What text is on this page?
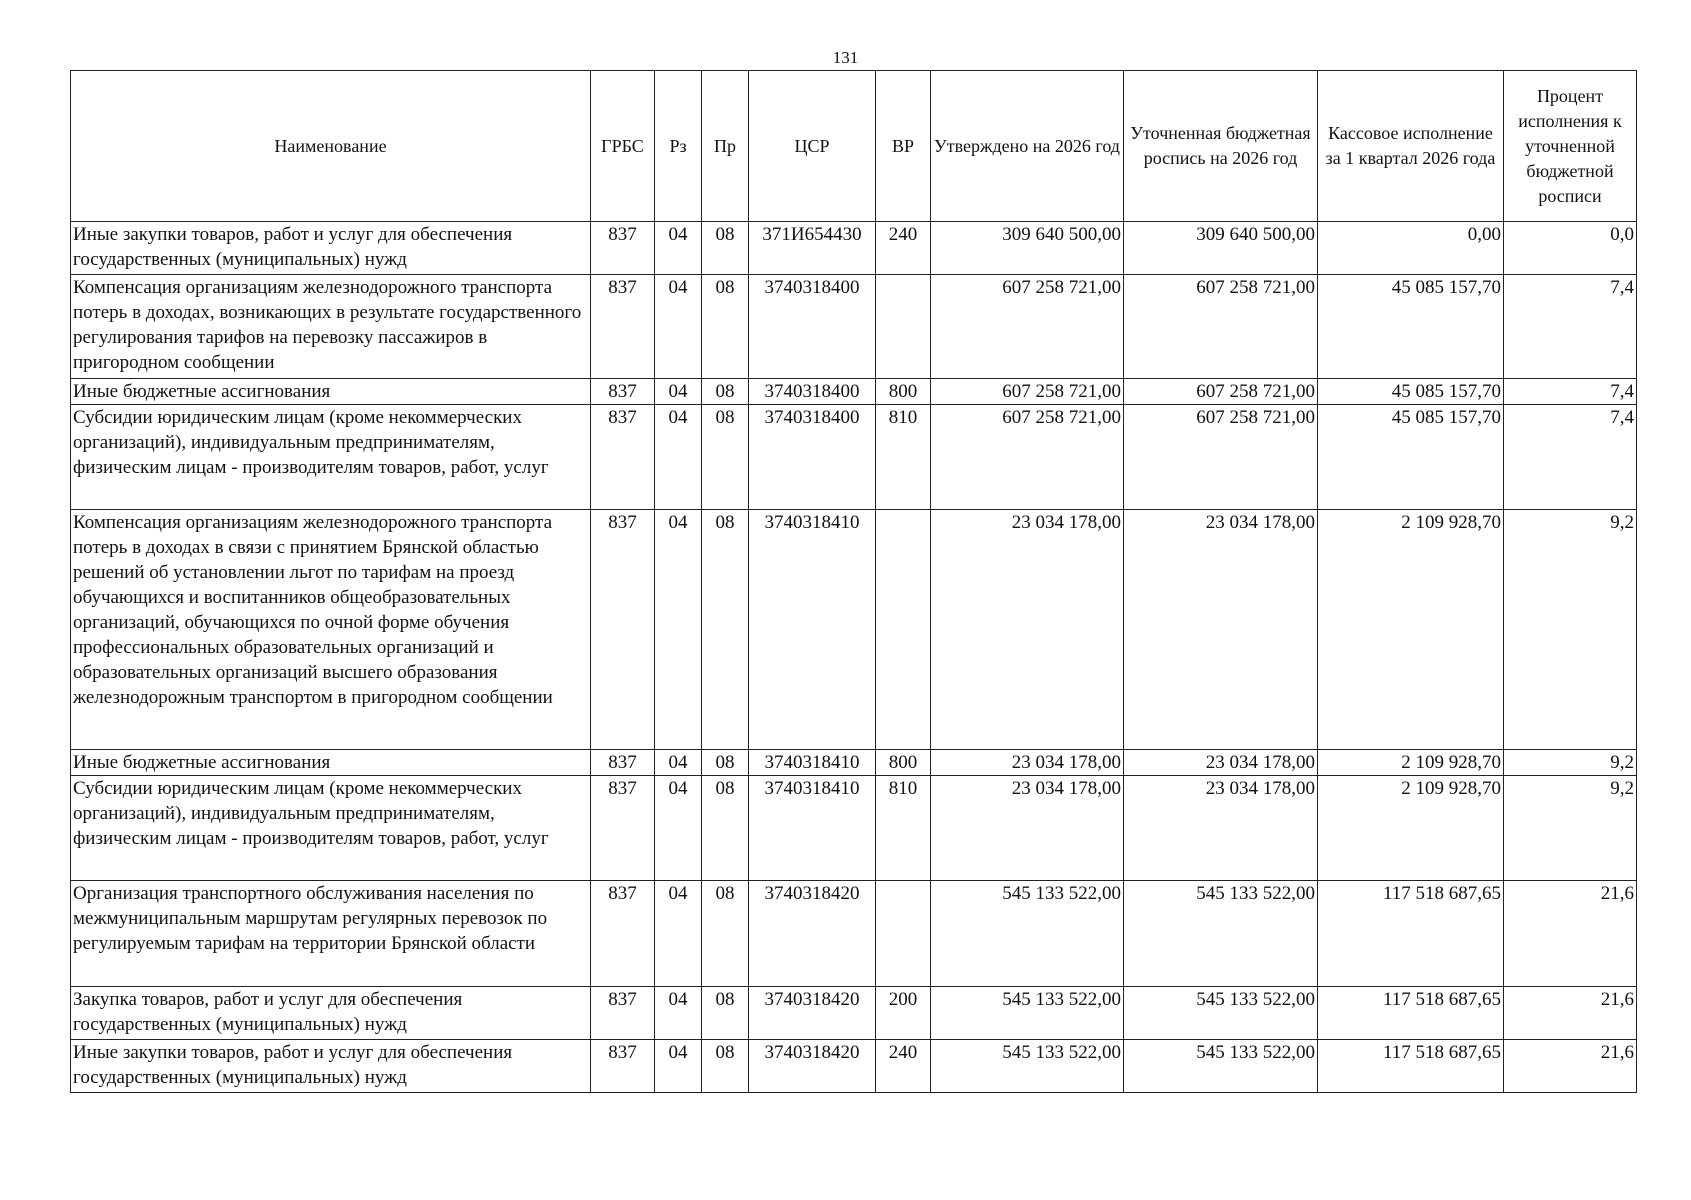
131
Наименование	ГРБС	Рз	Пр	ЦСР	ВР	Утверждено на 2026 год	Уточненная бюджетная роспись на 2026 год	Кассовое исполнение за 1 квартал 2026 года	Процент исполнения к уточненной бюджетной росписи
Иные закупки товаров, работ и услуг для обеспечения государственных (муниципальных) нужд	837	04	08	371И654430	240	309 640 500,00	309 640 500,00	0,00	0,0
Компенсация организациям железнодорожного транспорта потерь в доходах, возникающих в результате государственного регулирования тарифов на перевозку пассажиров в пригородном сообщении	837	04	08	3740318400		607 258 721,00	607 258 721,00	45 085 157,70	7,4
Иные бюджетные ассигнования	837	04	08	3740318400	800	607 258 721,00	607 258 721,00	45 085 157,70	7,4
Субсидии юридическим лицам (кроме некоммерческих организаций), индивидуальным предпринимателям, физическим лицам - производителям товаров, работ, услуг	837	04	08	3740318400	810	607 258 721,00	607 258 721,00	45 085 157,70	7,4
Компенсация организациям железнодорожного транспорта потерь в доходах в связи с принятием Брянской областью решений об установлении льгот по тарифам на проезд обучающихся и воспитанников общеобразовательных организаций, обучающихся по очной форме обучения профессиональных образовательных организаций и образовательных организаций высшего образования железнодорожным транспортом в пригородном сообщении	837	04	08	3740318410		23 034 178,00	23 034 178,00	2 109 928,70	9,2
Иные бюджетные ассигнования	837	04	08	3740318410	800	23 034 178,00	23 034 178,00	2 109 928,70	9,2
Субсидии юридическим лицам (кроме некоммерческих организаций), индивидуальным предпринимателям, физическим лицам - производителям товаров, работ, услуг	837	04	08	3740318410	810	23 034 178,00	23 034 178,00	2 109 928,70	9,2
Организация транспортного обслуживания населения по межмуниципальным маршрутам регулярных перевозок по регулируемым тарифам на территории Брянской области	837	04	08	3740318420		545 133 522,00	545 133 522,00	117 518 687,65	21,6
Закупка товаров, работ и услуг для обеспечения государственных (муниципальных) нужд	837	04	08	3740318420	200	545 133 522,00	545 133 522,00	117 518 687,65	21,6
Иные закупки товаров, работ и услуг для обеспечения государственных (муниципальных) нужд	837	04	08	3740318420	240	545 133 522,00	545 133 522,00	117 518 687,65	21,6
